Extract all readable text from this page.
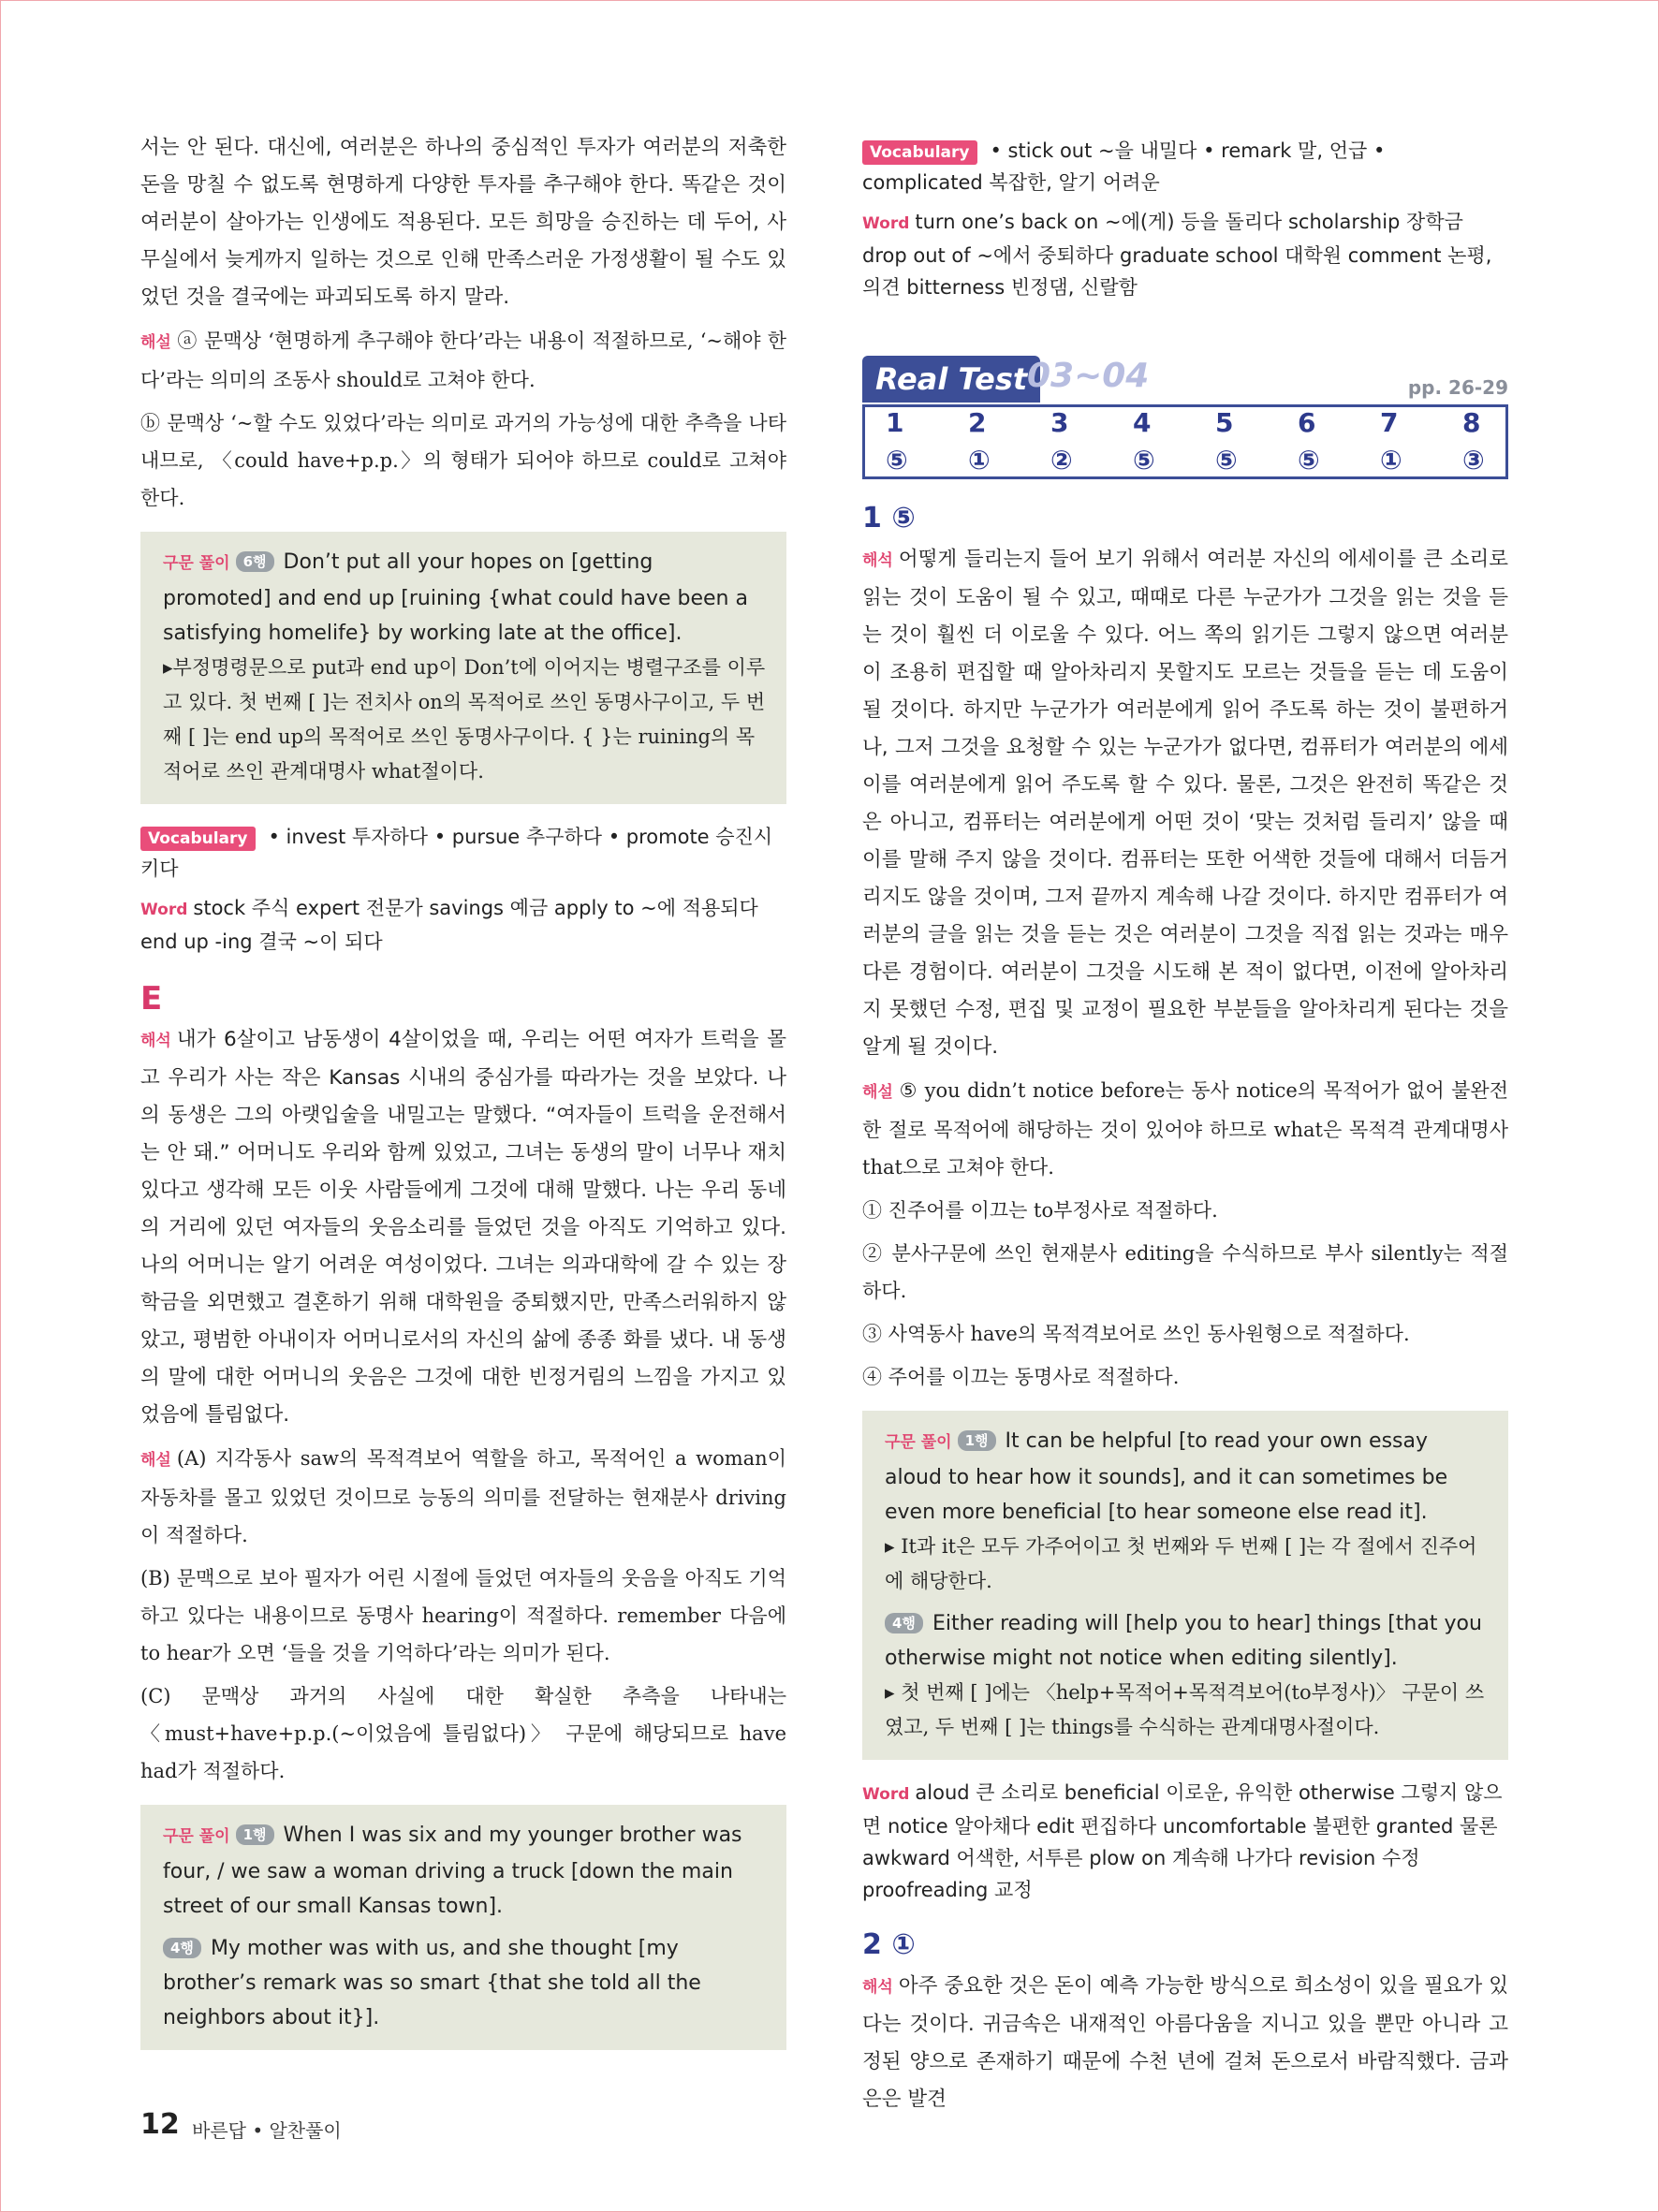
서는 안 된다. 대신에, 여러분은 하나의 중심적인 투자가 여러분의 저축한 돈을 망칠 수 없도록 현명하게 다양한 투자를 추구해야 한다. 똑같은 것이 여러분이 살아가는 인생에도 적용된다. 모든 희망을 승진하는 데 두어, 사무실에서 늦게까지 일하는 것으로 인해 만족스러운 가정생활이 될 수도 있었던 것을 결국에는 파괴되도록 하지 말라.

해설 ⓐ 문맥상 ‘현명하게 추구해야 한다’라는 내용이 적절하므로, ‘~해야 한다’라는 의미의 조동사 should로 고쳐야 한다.

ⓑ 문맥상 ‘~할 수도 있었다’라는 의미로 과거의 가능성에 대한 추측을 나타내므로, 〈could have+p.p.〉의 형태가 되어야 하므로 could로 고쳐야 한다.

구문 풀이 6행 Don’t put all your hopes on [getting promoted] and end up [ruining {what could have been a satisfying homelife} by working late at the office].

▸부정명령문으로 put과 end up이 Don’t에 이어지는 병렬구조를 이루고 있다. 첫 번째 [ ]는 전치사 on의 목적어로 쓰인 동명사구이고, 두 번째 [ ]는 end up의 목적어로 쓰인 동명사구이다. { }는 ruining의 목적어로 쓰인 관계대명사 what절이다.

Vocabulary • invest 투자하다 • pursue 추구하다 • promote 승진시키다
Word stock 주식 expert 전문가 savings 예금 apply to ~에 적용되다 end up -ing 결국 ~이 되다
E

해석 내가 6살이고 남동생이 4살이었을 때, 우리는 어떤 여자가 트럭을 몰고 우리가 사는 작은 Kansas 시내의 중심가를 따라가는 것을 보았다. 나의 동생은 그의 아랫입술을 내밀고는 말했다. “여자들이 트럭을 운전해서는 안 돼.” 어머니도 우리와 함께 있었고, 그녀는 동생의 말이 너무나 재치 있다고 생각해 모든 이웃 사람들에게 그것에 대해 말했다. 나는 우리 동네의 거리에 있던 여자들의 웃음소리를 들었던 것을 아직도 기억하고 있다. 나의 어머니는 알기 어려운 여성이었다. 그녀는 의과대학에 갈 수 있는 장학금을 외면했고 결혼하기 위해 대학원을 중퇴했지만, 만족스러워하지 않았고, 평범한 아내이자 어머니로서의 자신의 삶에 종종 화를 냈다. 내 동생의 말에 대한 어머니의 웃음은 그것에 대한 빈정거림의 느낌을 가지고 있었음에 틀림없다.

해설 (A) 지각동사 saw의 목적격보어 역할을 하고, 목적어인 a woman이 자동차를 몰고 있었던 것이므로 능동의 의미를 전달하는 현재분사 driving이 적절하다.

(B) 문맥으로 보아 필자가 어린 시절에 들었던 여자들의 웃음을 아직도 기억하고 있다는 내용이므로 동명사 hearing이 적절하다. remember 다음에 to hear가 오면 ‘들을 것을 기억하다’라는 의미가 된다.

(C) 문맥상 과거의 사실에 대한 확실한 추측을 나타내는 〈must+have+p.p.(~이었음에 틀림없다)〉 구문에 해당되므로 have had가 적절하다.

구문 풀이 1행 When I was six and my younger brother was four, / we saw a woman driving a truck [down the main street of our small Kansas town].

4행 My mother was with us, and she thought [my brother’s remark was so smart {that she told all the neighbors about it}].

Vocabulary • stick out ~을 내밀다 • remark 말, 언급 • complicated 복잡한, 알기 어려운
Word turn one’s back on ~에(게) 등을 돌리다 scholarship 장학금 drop out of ~에서 중퇴하다 graduate school 대학원 comment 논평, 의견 bitterness 빈정댐, 신랄함
Real Test 03~04	pp. 26-29
1 ⑤
2 ①
3 ②
4 ⑤
5 ⑤
6 ⑤
7 ①
8 ③
1 ⑤

해석 어떻게 들리는지 들어 보기 위해서 여러분 자신의 에세이를 큰 소리로 읽는 것이 도움이 될 수 있고, 때때로 다른 누군가가 그것을 읽는 것을 듣는 것이 훨씬 더 이로울 수 있다. 어느 쪽의 읽기든 그렇지 않으면 여러분이 조용히 편집할 때 알아차리지 못할지도 모르는 것들을 듣는 데 도움이 될 것이다. 하지만 누군가가 여러분에게 읽어 주도록 하는 것이 불편하거나, 그저 그것을 요청할 수 있는 누군가가 없다면, 컴퓨터가 여러분의 에세이를 여러분에게 읽어 주도록 할 수 있다. 물론, 그것은 완전히 똑같은 것은 아니고, 컴퓨터는 여러분에게 어떤 것이 ‘맞는 것처럼 들리지’ 않을 때 이를 말해 주지 않을 것이다. 컴퓨터는 또한 어색한 것들에 대해서 더듬거리지도 않을 것이며, 그저 끝까지 계속해 나갈 것이다. 하지만 컴퓨터가 여러분의 글을 읽는 것을 듣는 것은 여러분이 그것을 직접 읽는 것과는 매우 다른 경험이다. 여러분이 그것을 시도해 본 적이 없다면, 이전에 알아차리지 못했던 수정, 편집 및 교정이 필요한 부분들을 알아차리게 된다는 것을 알게 될 것이다.

해설 ⑤ you didn’t notice before는 동사 notice의 목적어가 없어 불완전한 절로 목적어에 해당하는 것이 있어야 하므로 what은 목적격 관계대명사 that으로 고쳐야 한다.

① 진주어를 이끄는 to부정사로 적절하다.

② 분사구문에 쓰인 현재분사 editing을 수식하므로 부사 silently는 적절하다.

③ 사역동사 have의 목적격보어로 쓰인 동사원형으로 적절하다.

④ 주어를 이끄는 동명사로 적절하다.

구문 풀이 1행 It can be helpful [to read your own essay aloud to hear how it sounds], and it can sometimes be even more beneficial [to hear someone else read it].

▸ It과 it은 모두 가주어이고 첫 번째와 두 번째 [ ]는 각 절에서 진주어에 해당한다.

4행 Either reading will [help you to hear] things [that you otherwise might not notice when editing silently].

▸ 첫 번째 [ ]에는 〈help+목적어+목적격보어(to부정사)〉 구문이 쓰였고, 두 번째 [ ]는 things를 수식하는 관계대명사절이다.

Word aloud 큰 소리로 beneficial 이로운, 유익한 otherwise 그렇지 않으면 notice 알아채다 edit 편집하다 uncomfortable 불편한 granted 물론 awkward 어색한, 서투른 plow on 계속해 나가다 revision 수정 proofreading 교정
2 ①

해석 아주 중요한 것은 돈이 예측 가능한 방식으로 희소성이 있을 필요가 있다는 것이다. 귀금속은 내재적인 아름다움을 지니고 있을 뿐만 아니라 고정된 양으로 존재하기 때문에 수천 년에 걸쳐 돈으로서 바람직했다. 금과 은은 발견

12 바른답 • 알찬풀이
